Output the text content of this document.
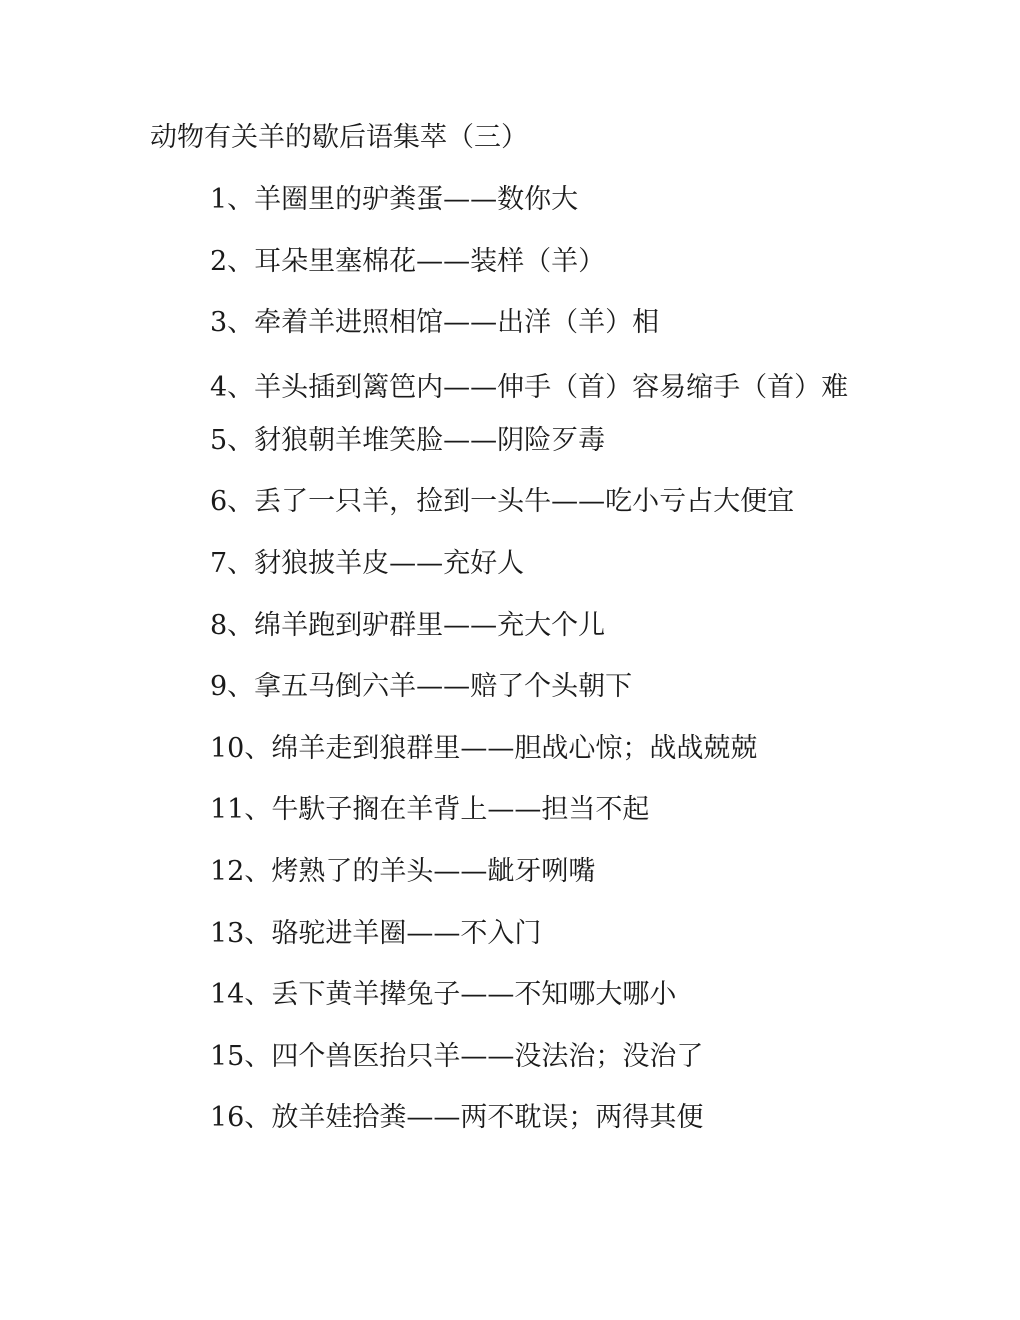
动物有关羊的歇后语集萃（三）
1、羊圈里的驴粪蛋——数你大
2、耳朵里塞棉花——装样（羊）
3、牵着羊进照相馆——出洋（羊）相
4、羊头插到篱笆内——伸手（首）容易缩手（首）难
5、豺狼朝羊堆笑脸——阴险歹毒
6、丢了一只羊，捡到一头牛——吃小亏占大便宜
7、豺狼披羊皮——充好人
8、绵羊跑到驴群里——充大个儿
9、拿五马倒六羊——赔了个头朝下
10、绵羊走到狼群里——胆战心惊；战战兢兢
11、牛馱子搁在羊背上——担当不起
12、烤熟了的羊头——龇牙咧嘴
13、骆驼进羊圈——不入门
14、丢下黄羊撵兔子——不知哪大哪小
15、四个兽医抬只羊——没法治；没治了
16、放羊娃拾粪——两不耽误；两得其便
